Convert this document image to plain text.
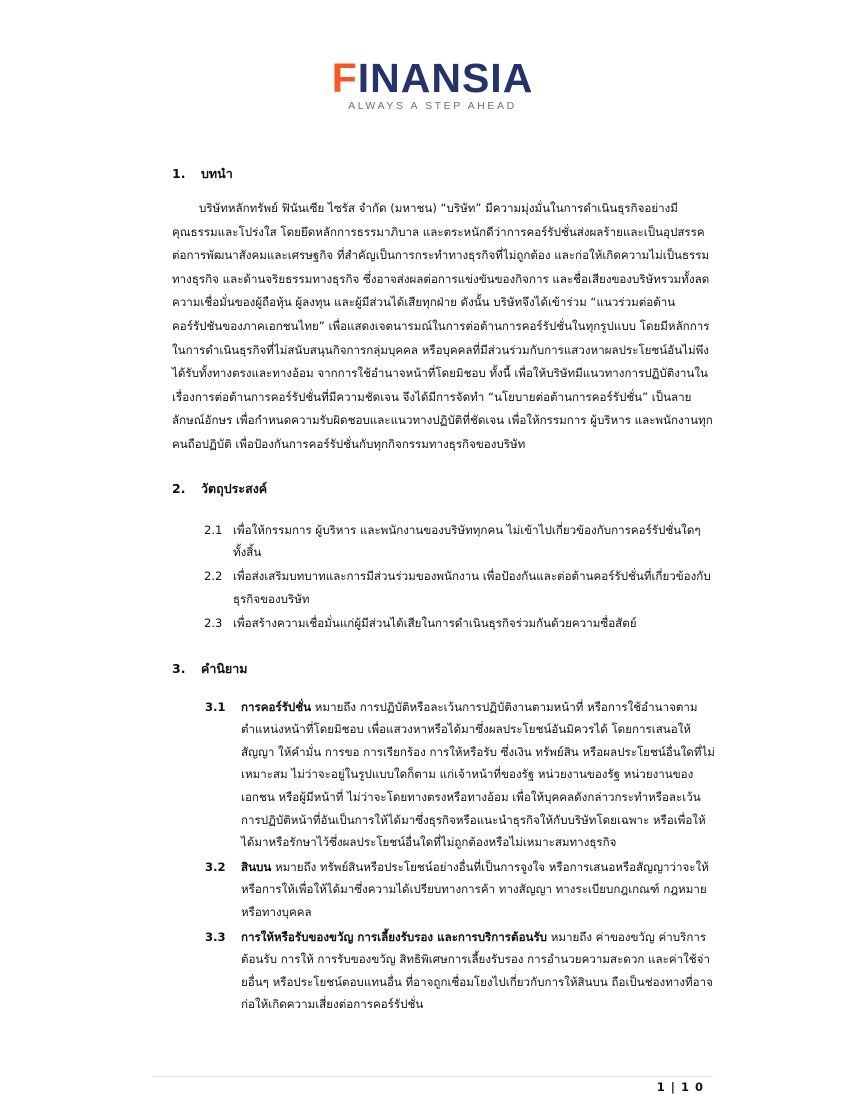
FINANSIA
ALWAYS A STEP AHEAD
1. บทนำ
บริษัทหลักทรัพย์ ฟินันเซีย ไซรัส จำกัด (มหาชน) “บริษัท” มีความมุ่งมั่นในการดำเนินธุรกิจอย่างมีคุณธรรมและโปร่งใส โดยยึดหลักการธรรมาภิบาล และตระหนักดีว่าการคอร์รัปชั่นส่งผลร้ายและเป็นอุปสรรคต่อการพัฒนาสังคมและเศรษฐกิจ ที่สำคัญเป็นการกระทำทางธุรกิจที่ไม่ถูกต้อง และก่อให้เกิดความไม่เป็นธรรมทางธุรกิจ และด้านจริยธรรมทางธุรกิจ ซึ่งอาจส่งผลต่อการแข่งขันของกิจการ และชื่อเสียงของบริษัทรวมทั้งลดความเชื่อมั่นของผู้ถือหุ้น ผู้ลงทุน และผู้มีส่วนได้เสียทุกฝ่าย ดังนั้น บริษัทจึงได้เข้าร่วม “แนวร่วมต่อต้านคอร์รัปชันของภาคเอกชนไทย” เพื่อแสดงเจตนารมณ์ในการต่อต้านการคอร์รัปชั่นในทุกรูปแบบ โดยมีหลักการในการดำเนินธุรกิจที่ไม่สนับสนุนกิจการกลุ่มบุคคล หรือบุคคลที่มีส่วนร่วมกับการแสวงหาผลประโยชน์อันไม่พึงได้รับทั้งทางตรงและทางอ้อม จากการใช้อำนาจหน้าที่โดยมิชอบ ทั้งนี้ เพื่อให้บริษัทมีแนวทางการปฏิบัติงานในเรื่องการต่อต้านการคอร์รัปชั่นที่มีความชัดเจน จึงได้มีการจัดทำ “นโยบายต่อต้านการคอร์รัปชั่น” เป็นลายลักษณ์อักษร เพื่อกำหนดความรับผิดชอบและแนวทางปฏิบัติที่ชัดเจน เพื่อให้กรรมการ ผู้บริหาร และพนักงานทุกคนถือปฏิบัติ เพื่อป้องกันการคอร์รัปชั่นกับทุกกิจกรรมทางธุรกิจของบริษัท
2. วัตถุประสงค์
2.1 เพื่อให้กรรมการ ผู้บริหาร และพนักงานของบริษัททุกคน ไม่เข้าไปเกี่ยวข้องกับการคอร์รัปชั่นใดๆ ทั้งสิ้น
2.2 เพื่อส่งเสริมบทบาทและการมีส่วนร่วมของพนักงาน เพื่อป้องกันและต่อต้านคอร์รัปชั่นที่เกี่ยวข้องกับธุรกิจของบริษัท
2.3 เพื่อสร้างความเชื่อมั่นแก่ผู้มีส่วนได้เสียในการดำเนินธุรกิจร่วมกันด้วยความซื่อสัตย์
3. คำนิยาม
3.1 การคอร์รัปชั่น หมายถึง การปฏิบัติหรือละเว้นการปฏิบัติงานตามหน้าที่ หรือการใช้อำนาจตามตำแหน่งหน้าที่โดยมิชอบ เพื่อแสวงหาหรือได้มาซึ่งผลประโยชน์อันมิควรได้ โดยการเสนอให้ สัญญา ให้คำมั่น การขอ การเรียกร้อง การให้หรือรับ ซึ่งเงิน ทรัพย์สิน หรือผลประโยชน์อื่นใดที่ไม่เหมาะสม ไม่ว่าจะอยู่ในรูปแบบใดก็ตาม แก่เจ้าหน้าที่ของรัฐ หน่วยงานของรัฐ หน่วยงานของเอกชน หรือผู้มีหน้าที่ ไม่ว่าจะโดยทางตรงหรือทางอ้อม เพื่อให้บุคคลดังกล่าวกระทำหรือละเว้นการปฏิบัติหน้าที่อันเป็นการให้ได้มาซึ่งธุรกิจหรือแนะนำธุรกิจให้กับบริษัทโดยเฉพาะ หรือเพื่อให้ได้มาหรือรักษาไว้ซึ่งผลประโยชน์อื่นใดที่ไม่ถูกต้องหรือไม่เหมาะสมทางธุรกิจ
3.2 สินบน หมายถึง ทรัพย์สินหรือประโยชน์อย่างอื่นที่เป็นการจูงใจ หรือการเสนอหรือสัญญาว่าจะให้ หรือการให้เพื่อให้ได้มาซึ่งความได้เปรียบทางการค้า ทางสัญญา ทางระเบียบกฎเกณฑ์ กฎหมาย หรือทางบุคคล
3.3 การให้หรือรับของขวัญ การเลี้ยงรับรอง และการบริการต้อนรับ หมายถึง ค่าของขวัญ ค่าบริการต้อนรับ การให้ การรับของขวัญ สิทธิพิเศษการเลี้ยงรับรอง การอำนวยความสะดวก และค่าใช้จ่ายอื่นๆ หรือประโยชน์ตอบแทนอื่น ที่อาจถูกเชื่อมโยงไปเกี่ยวกับการให้สินบน ถือเป็นช่องทางที่อาจก่อให้เกิดความเสี่ยงต่อการคอร์รัปชั่น
1 | 1 0
